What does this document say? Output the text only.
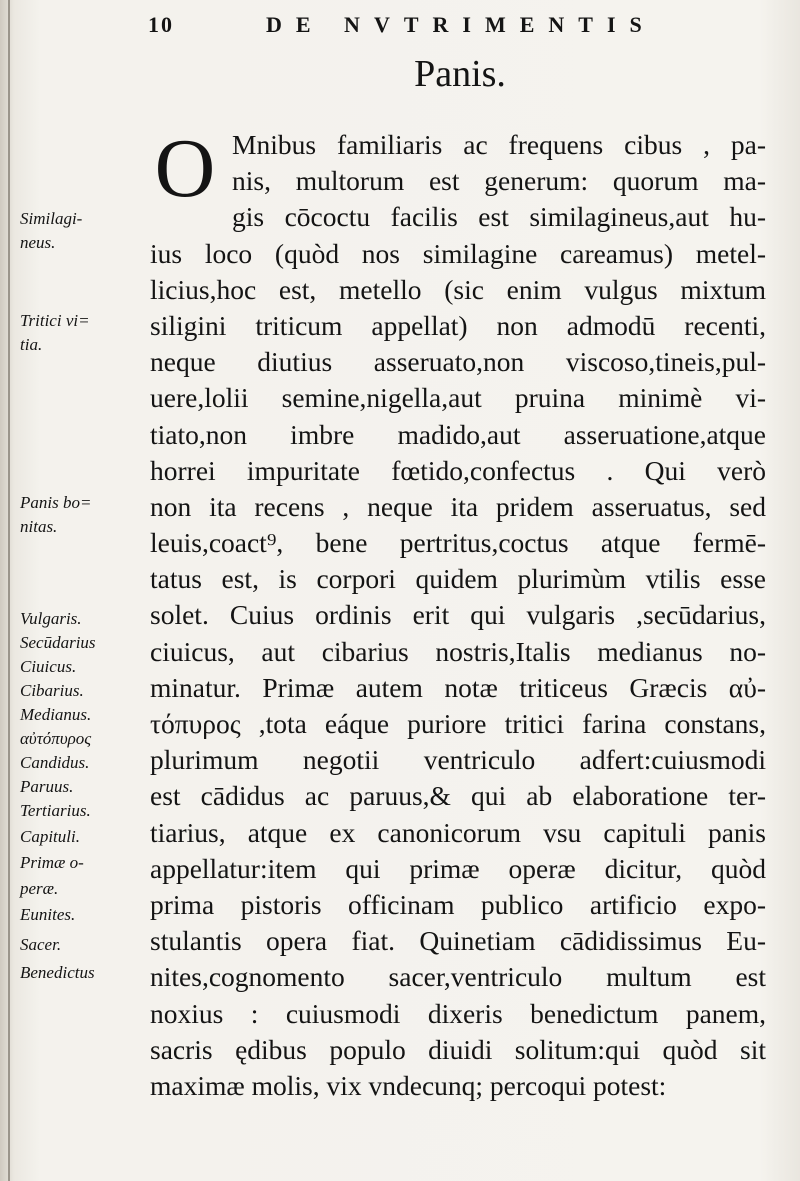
10	DE NVTRIMENTIS
Panis.
O Mnibus familiaris ac frequens cibus , pa-
nis, multorum est generum: quorum ma-
gis cōcoctu facilis est similagineus,aut hu-
ius loco (quòd nos similagine careamus) metel-
licius,hoc est, metello (sic enim vulgus mixtum
siligini triticum appellat) non admodū recenti,
neque diutius asseruato,non viscoso,tineis,pul-
uere,lolii semine,nigella,aut pruina minimè vi-
tiato,non imbre madido,aut asseruatione,atque
horrei impuritate fœtido,confectus . Qui verò
non ita recens , neque ita pridem asseruatus, sed
leuis,coact⁹, bene pertritus,coctus atque fermē-
tatus est, is corpori quidem plurimùm vtilis esse
solet. Cuius ordinis erit qui vulgaris ,secūdarius,
ciuicus, aut cibarius nostris,Italis medianus no-
minatur. Primæ autem notæ triticeus Græcis αὐ-
τόπυρος ,tota eáque puriore tritici farina constans,
plurimum negotii ventriculo adfert:cuiusmodi
est cādidus ac paruus,& qui ab elaboratione ter-
tiarius, atque ex canonicorum vsu capituli panis
appellatur:item qui primæ operæ dicitur, quòd
prima pistoris officinam publico artificio expo-
stulantis opera fiat. Quinetiam cādidissimus Eu-
nites,cognomento sacer,ventriculo multum est
noxius : cuiusmodi dixeris benedictum panem,
sacris ędibus populo diuidi solitum:qui quòd sit
maximæ molis, vix vndecunq; percoqui potest:
Similagi-
neus.
Tritici vi=
tia.
Panis bo=
nitas.
Vulgaris.
Secūdarius
Ciuicus.
Cibarius.
Medianus.
αὐτόπυρος
Candidus.
Paruus.
Tertiarius.
Capituli.
Primæ o-
peræ.
Eunites.
Sacer.
Benedictus
